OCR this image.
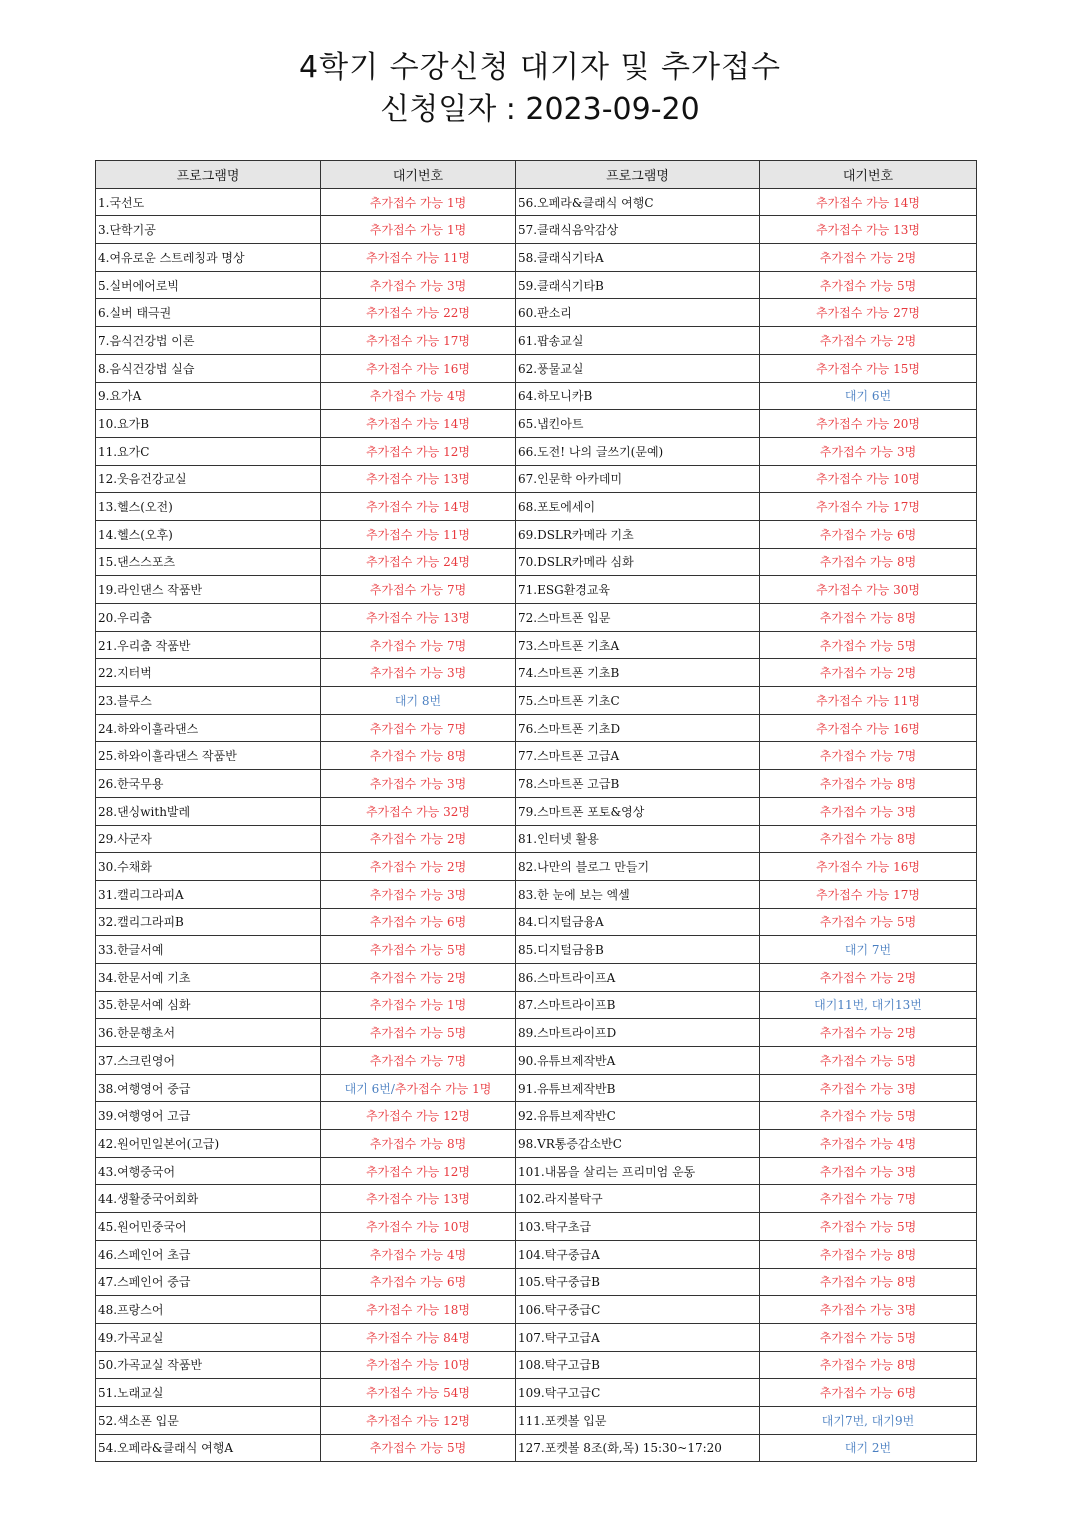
4학기 수강신청 대기자 및 추가접수
신청일자 : 2023-09-20
프로그램명	대기번호	프로그램명	대기번호
1.국선도	추가접수 가능 1명	56.오페라&클래식 여행C	추가접수 가능 14명
3.단학기공	추가접수 가능 1명	57.클래식음악감상	추가접수 가능 13명
4.여유로운 스트레칭과 명상	추가접수 가능 11명	58.클래식기타A	추가접수 가능 2명
5.실버에어로빅	추가접수 가능 3명	59.클래식기타B	추가접수 가능 5명
6.실버 태극권	추가접수 가능 22명	60.판소리	추가접수 가능 27명
7.음식건강법 이론	추가접수 가능 17명	61.팝송교실	추가접수 가능 2명
8.음식건강법 실습	추가접수 가능 16명	62.풍물교실	추가접수 가능 15명
9.요가A	추가접수 가능 4명	64.하모니카B	대기 6번
10.요가B	추가접수 가능 14명	65.냅킨아트	추가접수 가능 20명
11.요가C	추가접수 가능 12명	66.도전! 나의 글쓰기(문예)	추가접수 가능 3명
12.웃음건강교실	추가접수 가능 13명	67.인문학 아카데미	추가접수 가능 10명
13.헬스(오전)	추가접수 가능 14명	68.포토에세이	추가접수 가능 17명
14.헬스(오후)	추가접수 가능 11명	69.DSLR카메라 기초	추가접수 가능 6명
15.댄스스포츠	추가접수 가능 24명	70.DSLR카메라 심화	추가접수 가능 8명
19.라인댄스 작품반	추가접수 가능 7명	71.ESG환경교육	추가접수 가능 30명
20.우리춤	추가접수 가능 13명	72.스마트폰 입문	추가접수 가능 8명
21.우리춤 작품반	추가접수 가능 7명	73.스마트폰 기초A	추가접수 가능 5명
22.지터벅	추가접수 가능 3명	74.스마트폰 기초B	추가접수 가능 2명
23.블루스	대기 8번	75.스마트폰 기초C	추가접수 가능 11명
24.하와이훌라댄스	추가접수 가능 7명	76.스마트폰 기초D	추가접수 가능 16명
25.하와이훌라댄스 작품반	추가접수 가능 8명	77.스마트폰 고급A	추가접수 가능 7명
26.한국무용	추가접수 가능 3명	78.스마트폰 고급B	추가접수 가능 8명
28.댄싱with발레	추가접수 가능 32명	79.스마트폰 포토&영상	추가접수 가능 3명
29.사군자	추가접수 가능 2명	81.인터넷 활용	추가접수 가능 8명
30.수채화	추가접수 가능 2명	82.나만의 블로그 만들기	추가접수 가능 16명
31.캘리그라피A	추가접수 가능 3명	83.한 눈에 보는 엑셀	추가접수 가능 17명
32.캘리그라피B	추가접수 가능 6명	84.디지털금융A	추가접수 가능 5명
33.한글서예	추가접수 가능 5명	85.디지털금융B	대기 7번
34.한문서예 기초	추가접수 가능 2명	86.스마트라이프A	추가접수 가능 2명
35.한문서예 심화	추가접수 가능 1명	87.스마트라이프B	대기11번, 대기13번
36.한문행초서	추가접수 가능 5명	89.스마트라이프D	추가접수 가능 2명
37.스크린영어	추가접수 가능 7명	90.유튜브제작반A	추가접수 가능 5명
38.여행영어 중급	대기 6번/추가접수 가능 1명	91.유튜브제작반B	추가접수 가능 3명
39.여행영어 고급	추가접수 가능 12명	92.유튜브제작반C	추가접수 가능 5명
42.원어민일본어(고급)	추가접수 가능 8명	98.VR통증감소반C	추가접수 가능 4명
43.여행중국어	추가접수 가능 12명	101.내몸을 살리는 프리미엄 운동	추가접수 가능 3명
44.생활중국어회화	추가접수 가능 13명	102.라지볼탁구	추가접수 가능 7명
45.원어민중국어	추가접수 가능 10명	103.탁구초급	추가접수 가능 5명
46.스페인어 초급	추가접수 가능 4명	104.탁구중급A	추가접수 가능 8명
47.스페인어 중급	추가접수 가능 6명	105.탁구중급B	추가접수 가능 8명
48.프랑스어	추가접수 가능 18명	106.탁구중급C	추가접수 가능 3명
49.가곡교실	추가접수 가능 84명	107.탁구고급A	추가접수 가능 5명
50.가곡교실 작품반	추가접수 가능 10명	108.탁구고급B	추가접수 가능 8명
51.노래교실	추가접수 가능 54명	109.탁구고급C	추가접수 가능 6명
52.색소폰 입문	추가접수 가능 12명	111.포켓볼 입문	대기7번, 대기9번
54.오페라&클래식 여행A	추가접수 가능 5명	127.포켓볼 8조(화,목) 15:30~17:20	대기 2번
